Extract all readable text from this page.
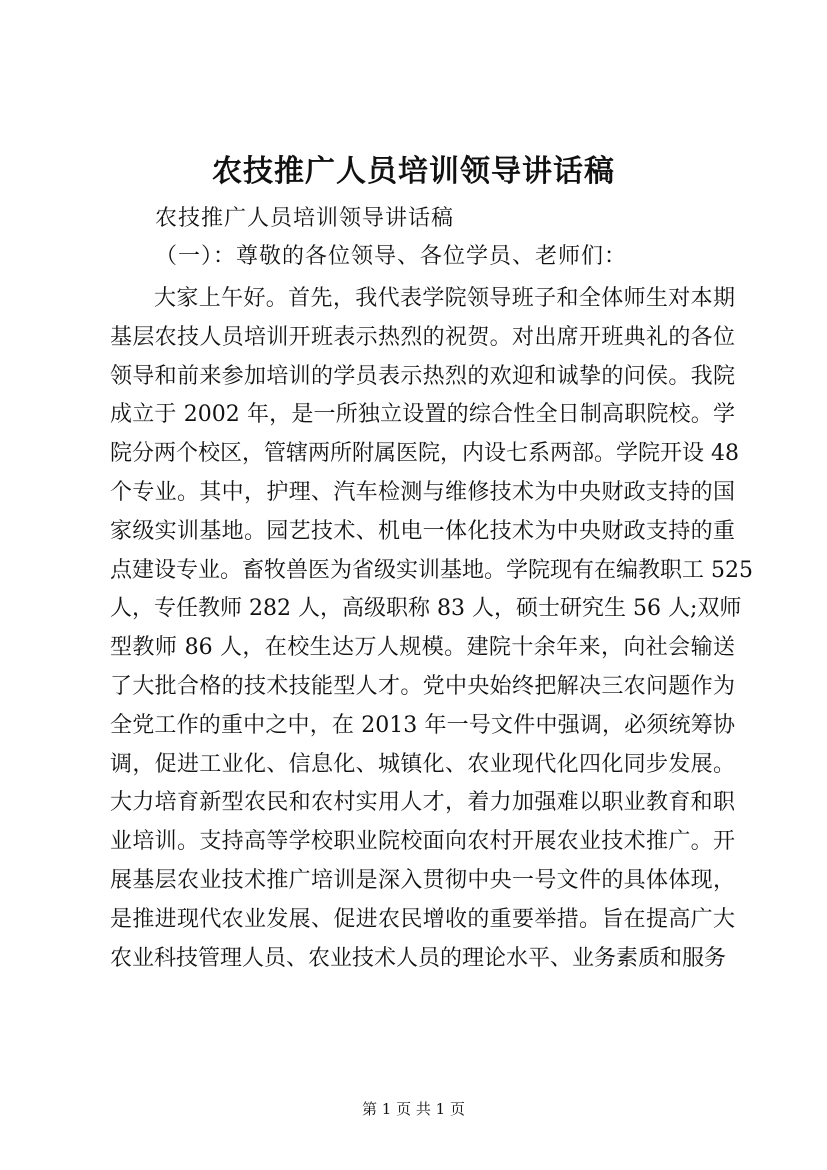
农技推广人员培训领导讲话稿
农技推广人员培训领导讲话稿
（一）：尊敬的各位领导、各位学员、老师们：
大家上午好。首先，我代表学院领导班子和全体师生对本期
基层农技人员培训开班表示热烈的祝贺。对出席开班典礼的各位
领导和前来参加培训的学员表示热烈的欢迎和诚挚的问侯。我院
成立于 2002 年，是一所独立设置的综合性全日制高职院校。学
院分两个校区，管辖两所附属医院，内设七系两部。学院开设 48
个专业。其中，护理、汽车检测与维修技术为中央财政支持的国
家级实训基地。园艺技术、机电一体化技术为中央财政支持的重
点建设专业。畜牧兽医为省级实训基地。学院现有在编教职工 525
人，专任教师 282 人，高级职称 83 人，硕士研究生 56 人;双师
型教师 86 人，在校生达万人规模。建院十余年来，向社会输送
了大批合格的技术技能型人才。党中央始终把解决三农问题作为
全党工作的重中之中，在 2013 年一号文件中强调，必须统筹协
调，促进工业化、信息化、城镇化、农业现代化四化同步发展。
大力培育新型农民和农村实用人才，着力加强难以职业教育和职
业培训。支持高等学校职业院校面向农村开展农业技术推广。开
展基层农业技术推广培训是深入贯彻中央一号文件的具体体现，
是推进现代农业发展、促进农民增收的重要举措。旨在提高广大
农业科技管理人员、农业技术人员的理论水平、业务素质和服务
第 1 页 共 1 页
